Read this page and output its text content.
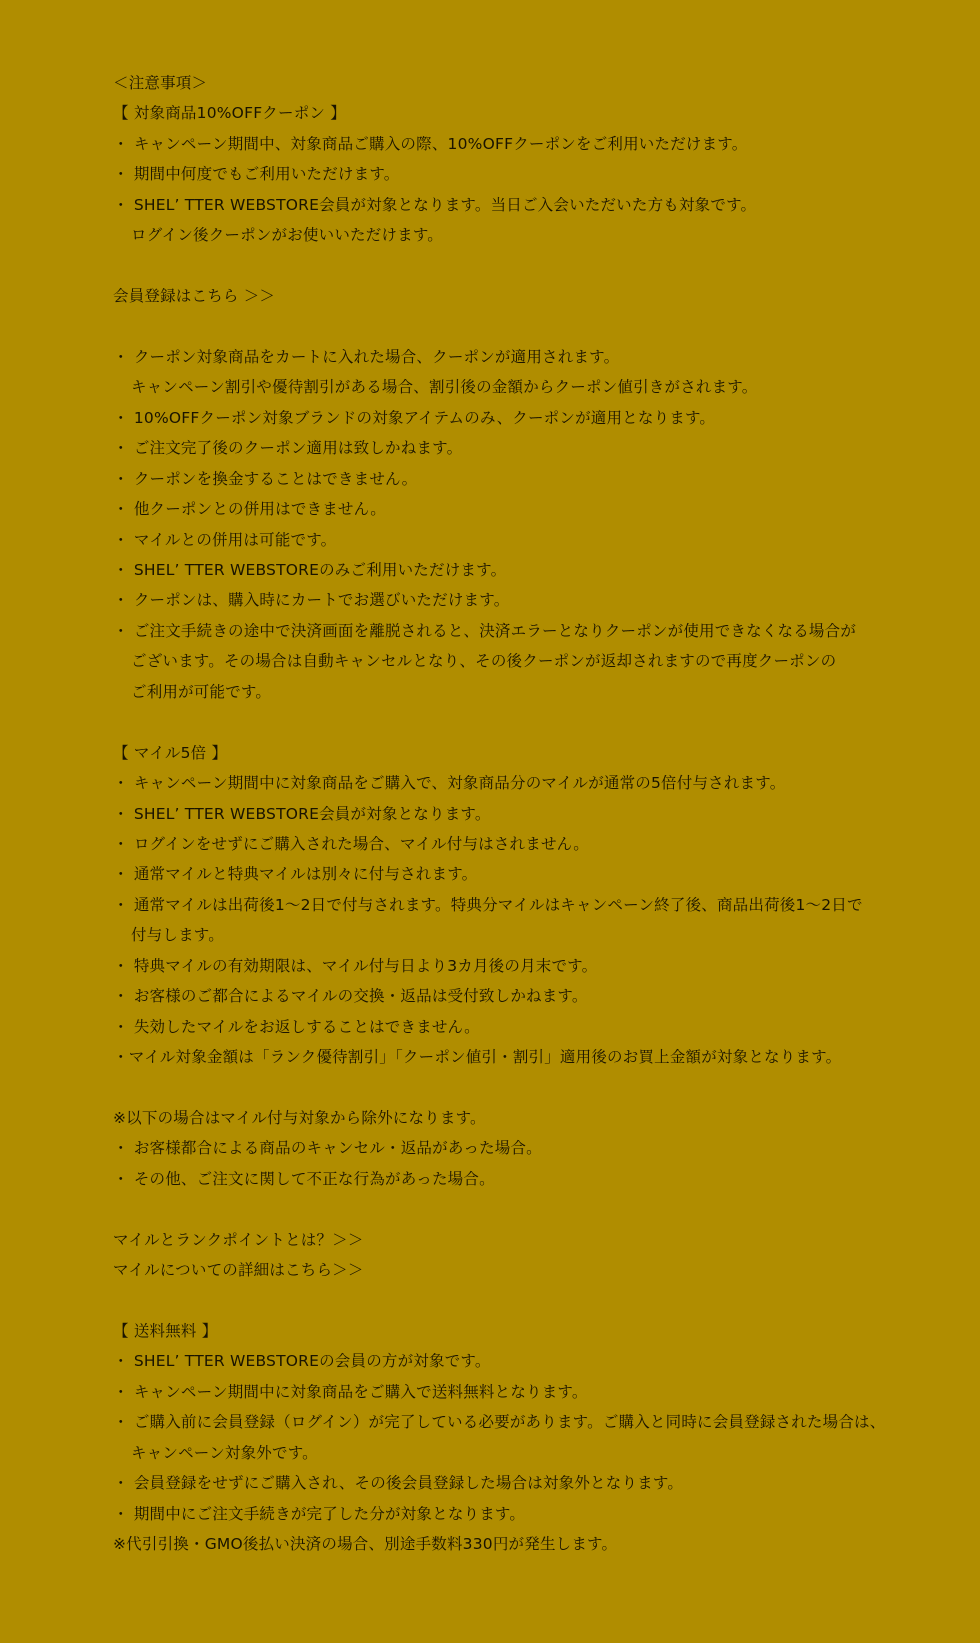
＜注意事項＞
【 対象商品10%OFFクーポン 】
・ キャンペーン期間中、対象商品ご購入の際、10%OFFクーポンをご利用いただけます。
・ 期間中何度でもご利用いただけます。
・ SHEL’ TTER WEBSTORE会員が対象となります。当日ご入会いただいた方も対象です。
ログイン後クーポンがお使いいただけます。
会員登録はこちら ＞＞
・ クーポン対象商品をカートに入れた場合、クーポンが適用されます。
キャンペーン割引や優待割引がある場合、割引後の金額からクーポン値引きがされます。
・ 10%OFFクーポン対象ブランドの対象アイテムのみ、クーポンが適用となります。
・ ご注文完了後のクーポン適用は致しかねます。
・ クーポンを換金することはできません。
・ 他クーポンとの併用はできません。
・ マイルとの併用は可能です。
・ SHEL’ TTER WEBSTOREのみご利用いただけます。
・ クーポンは、購入時にカートでお選びいただけます。
・ ご注文手続きの途中で決済画面を離脱されると、決済エラーとなりクーポンが使用できなくなる場合が
ございます。その場合は自動キャンセルとなり、その後クーポンが返却されますので再度クーポンの
ご利用が可能です。
【 マイル5倍 】
・ キャンペーン期間中に対象商品をご購入で、対象商品分のマイルが通常の5倍付与されます。
・ SHEL’ TTER WEBSTORE会員が対象となります。
・ ログインをせずにご購入された場合、マイル付与はされません。
・ 通常マイルと特典マイルは別々に付与されます。
・ 通常マイルは出荷後1～2日で付与されます。特典分マイルはキャンペーン終了後、商品出荷後1～2日で
付与します。
・ 特典マイルの有効期限は、マイル付与日より3カ月後の月末です。
・ お客様のご都合によるマイルの交換・返品は受付致しかねます。
・ 失効したマイルをお返しすることはできません。
・マイル対象金額は「ランク優待割引」「クーポン値引・割引」適用後のお買上金額が対象となります。
※以下の場合はマイル付与対象から除外になります。
・ お客様都合による商品のキャンセル・返品があった場合。
・ その他、ご注文に関して不正な行為があった場合。
マイルとランクポイントとは？＞＞
マイルについての詳細はこちら＞＞
【 送料無料 】
・ SHEL’ TTER WEBSTOREの会員の方が対象です。
・ キャンペーン期間中に対象商品をご購入で送料無料となります。
・ ご購入前に会員登録（ログイン）が完了している必要があります。ご購入と同時に会員登録された場合は、
キャンペーン対象外です。
・ 会員登録をせずにご購入され、その後会員登録した場合は対象外となります。
・ 期間中にご注文手続きが完了した分が対象となります。
※代引引換・GMO後払い決済の場合、別途手数料330円が発生します。
